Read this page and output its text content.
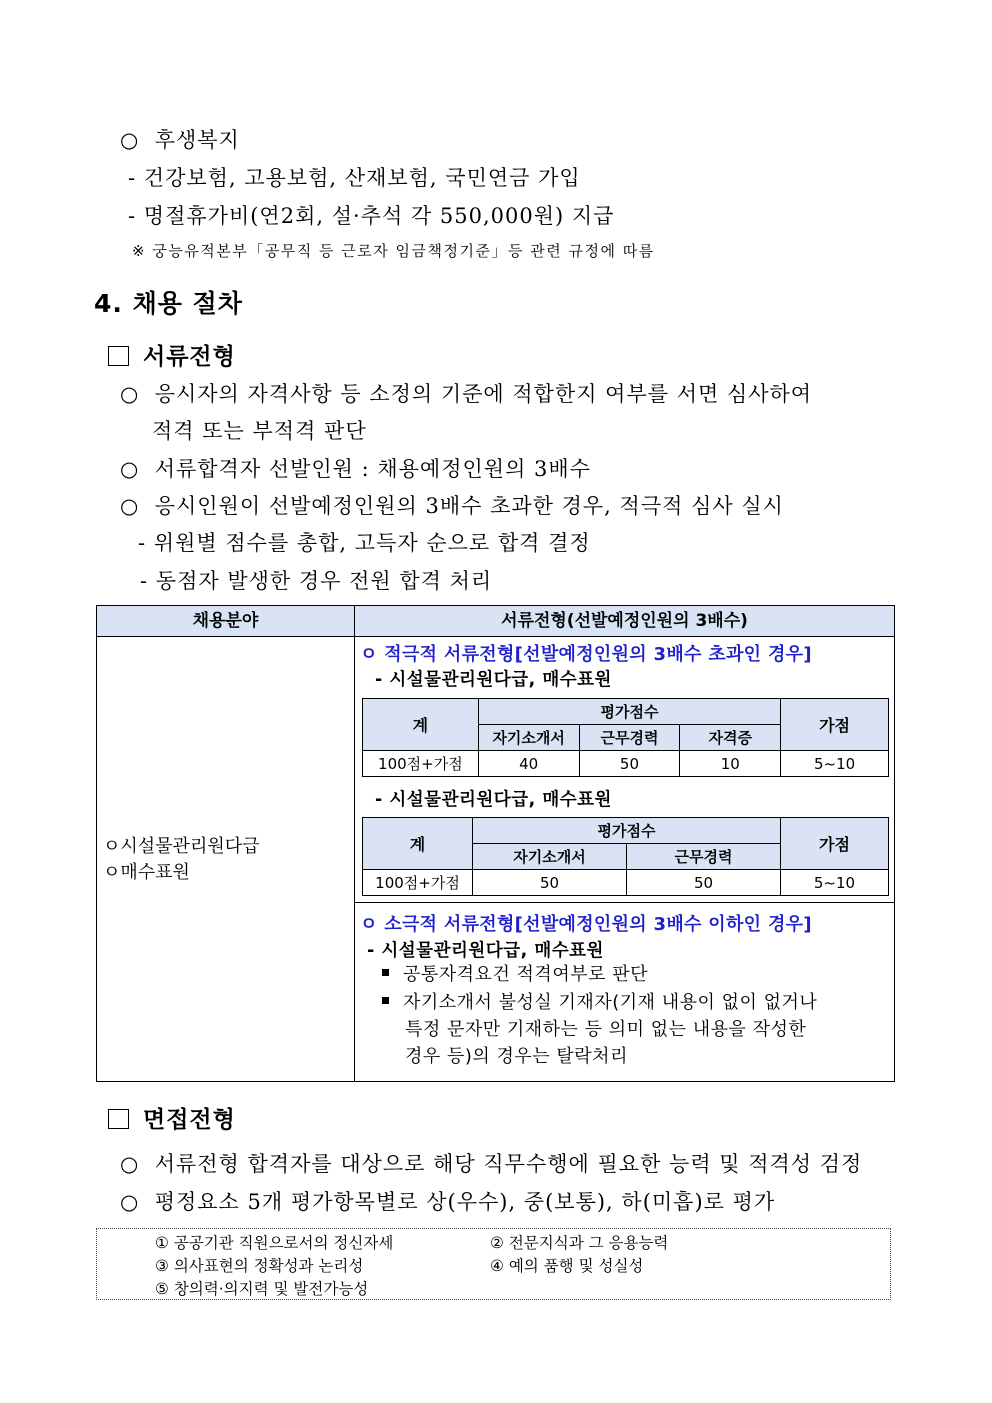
○ 후생복지
- 건강보험, 고용보험, 산재보험, 국민연금 가입
- 명절휴가비(연2회, 설·추석 각 550,000원) 지급
※ 궁능유적본부「공무직 등 근로자 임금책정기준」등 관련 규정에 따름
4. 채용 절차
서류전형
○ 응시자의 자격사항 등 소정의 기준에 적합한지 여부를 서면 심사하여
적격 또는 부적격 판단
○ 서류합격자 선발인원 : 채용예정인원의 3배수
○ 응시인원이 선발예정인원의 3배수 초과한 경우, 적극적 심사 실시
- 위원별 점수를 총합, 고득자 순으로 합격 결정
- 동점자 발생한 경우 전원 합격 처리
채용분야	서류전형(선발예정인원의 3배수)
ㅇ시설물관리원다급
ㅇ매수표원
ㅇ 적극적 서류전형[선발예정인원의 3배수 초과인 경우]
- 시설물관리원다급, 매수표원
계	평가점수			가점
	자기소개서	근무경력	자격증	
100점+가점	40	50	10	5~10
- 시설물관리원다급, 매수표원
계	평가점수		가점
	자기소개서	근무경력	
100점+가점	50	50	5~10
ㅇ 소극적 서류전형[선발예정인원의 3배수 이하인 경우]
- 시설물관리원다급, 매수표원
공통자격요건 적격여부로 판단
자기소개서 불성실 기재자(기재 내용이 없이 없거나
특정 문자만 기재하는 등 의미 없는 내용을 작성한
경우 등)의 경우는 탈락처리
면접전형
○ 서류전형 합격자를 대상으로 해당 직무수행에 필요한 능력 및 적격성 검정
○ 평정요소 5개 평가항목별로 상(우수), 중(보통), 하(미흡)로 평가
① 공공기관 직원으로서의 정신자세	② 전문지식과 그 응용능력
③ 의사표현의 정확성과 논리성	④ 예의 품행 및 성실성
⑤ 창의력·의지력 및 발전가능성
